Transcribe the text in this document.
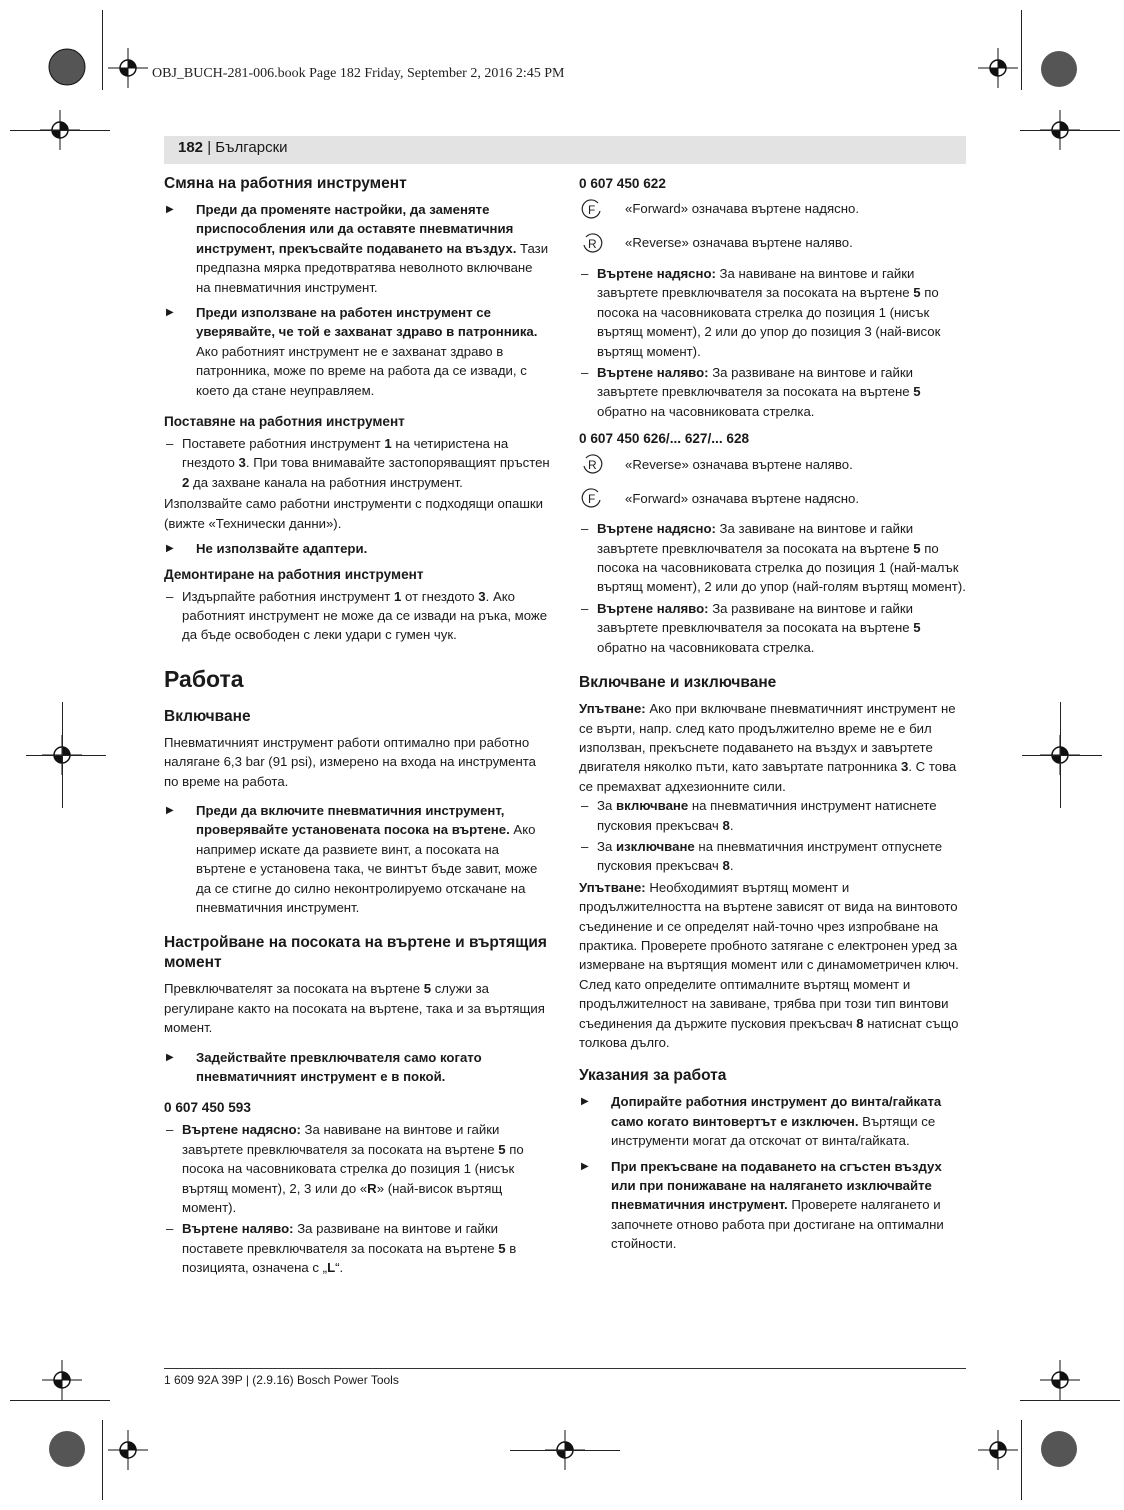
OBJ_BUCH-281-006.book Page 182 Friday, September 2, 2016 2:45 PM
182 | Български
Смяна на работния инструмент

▶ Преди да променяте настройки, да заменяте приспособления или да оставяте пневматичния инструмент, прекъсвайте подаването на въздух. Тази предпазна мярка предотвратява неволното включване на пневматичния инструмент.

▶ Преди използване на работен инструмент се уверявайте, че той е захванат здраво в патронника. Ако работният инструмент не е захванат здраво в патронника, може по време на работа да се извади, с което да стане неуправляем.

Поставяне на работния инструмент

– Поставете работния инструмент 1 на четиристена на гнездото 3. При това внимавайте застопоряващият пръстен 2 да захване канала на работния инструмент.

Използвайте само работни инструменти с подходящи опашки (вижте «Технически данни»).

▶ Не използвайте адаптери.

Демонтиране на работния инструмент

– Издърпайте работния инструмент 1 от гнездото 3. Ако работният инструмент не може да се извади на ръка, може да бъде освободен с леки удари с гумен чук.

Работа
Включване

Пневматичният инструмент работи оптимално при работно налягане 6,3 bar (91 psi), измерено на входа на инструмента по време на работа.

▶ Преди да включите пневматичния инструмент, проверявайте установената посока на въртене. Ако например искате да развиете винт, а посоката на въртене е установена така, че винтът бъде завит, може да се стигне до силно неконтролируемо отскачане на пневматичния инструмент.

Настройване на посоката на въртене и въртящия момент

Превключвателят за посоката на въртене 5 служи за регулиране както на посоката на въртене, така и за въртящия момент.

▶ Задействайте превключвателя само когато пневматичният инструмент е в покой.

0 607 450 593

– Въртене надясно: За навиване на винтове и гайки завъртете превключвателя за посоката на въртене 5 по посока на часовниковата стрелка до позиция 1 (нисък въртящ момент), 2, 3 или до «R» (най-висок въртящ момент).

– Въртене наляво: За развиване на винтове и гайки поставете превключвателя за посоката на въртене 5 в позицията, означена с „L“.

0 607 450 622
F «Forward» означава въртене надясно.
R «Reverse» означава въртене наляво.

– Въртене надясно: За навиване на винтове и гайки завъртете превключвателя за посоката на въртене 5 по посока на часовниковата стрелка до позиция 1 (нисък въртящ момент), 2 или до упор до позиция 3 (най-висок въртящ момент).

– Въртене наляво: За развиване на винтове и гайки завъртете превключвателя за посоката на въртене 5 обратно на часовниковата стрелка.

0 607 450 626/... 627/... 628
R «Reverse» означава въртене наляво.
F «Forward» означава въртене надясно.

– Въртене надясно: За завиване на винтове и гайки завъртете превключвателя за посоката на въртене 5 по посока на часовниковата стрелка до позиция 1 (най-малък въртящ момент), 2 или до упор (най-голям въртящ момент).

– Въртене наляво: За развиване на винтове и гайки завъртете превключвателя за посоката на въртене 5 обратно на часовниковата стрелка.

Включване и изключване

Упътване: Ако при включване пневматичният инструмент не се върти, напр. след като продължително време не е бил използван, прекъснете подаването на въздух и завъртете двигателя няколко пъти, като завъртате патронника 3. С това се премахват адхезионните сили.

– За включване на пневматичния инструмент натиснете пусковия прекъсвач 8.

– За изключване на пневматичния инструмент отпуснете пусковия прекъсвач 8.

Упътване: Необходимият въртящ момент и продължителността на въртене зависят от вида на винтовото съединение и се определят най-точно чрез изпробване на практика. Проверете пробното затягане с електронен уред за измерване на въртящия момент или с динамометричен ключ. След като определите оптималните въртящ момент и продължителност на завиване, трябва при този тип винтови съединения да държите пусковия прекъсвач 8 натиснат също толкова дълго.

Указания за работа

▶ Допирайте работния инструмент до винта/гайката само когато винтовертът е изключен. Въртящи се инструменти могат да отскочат от винта/гайката.

▶ При прекъсване на подаването на сгъстен въздух или при понижаване на налягането изключвайте пневматичния инструмент. Проверете налягането и започнете отново работа при достигане на оптимални стойности.

1 609 92A 39P | (2.9.16) Bosch Power Tools
